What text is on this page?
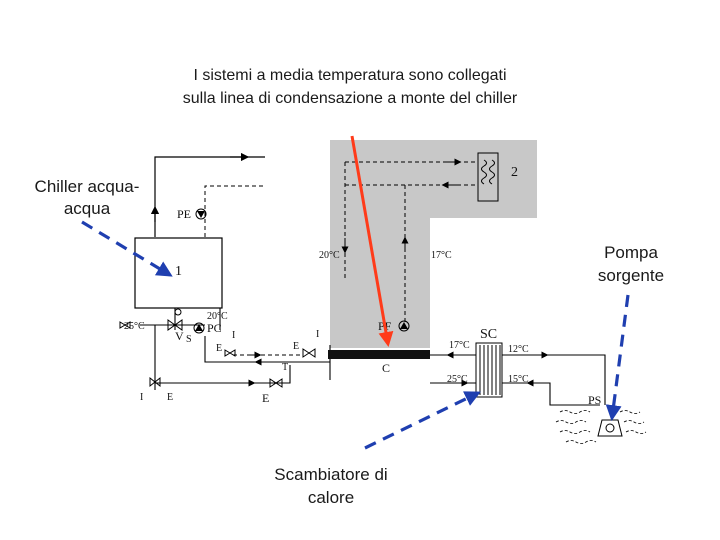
I sistemi a media temperatura sono collegati
sulla linea di condensazione a monte del chiller
2
1
PE
20°C	17°C
20°C
25°C
V S
PC
I
E
I
E
PF
C
T
SC
17°C	12°C
25°C	15°C
I E	E	PS
Chiller acqua-
acqua
Pompa
sorgente
Scambiatore di
calore
